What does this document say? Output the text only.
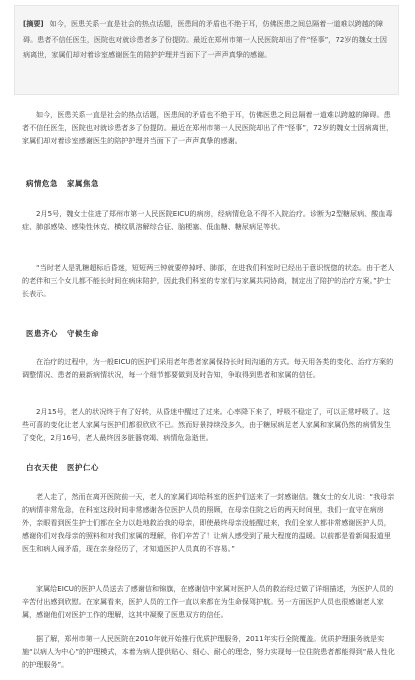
[摘要] 如今，医患关系一直是社会的热点话题，医患间的矛盾也不绝于耳，仿佛医患之间总隔着一道难以跨越的障碍。患者不信任医生，医院也对就诊患者多了份提防。最近在郑州市第一人民医院却出了件“怪事”，72岁的魏女士因病离世，家属们却对着诊室感谢医生的陪护护理并当面下了一声声真挚的感谢。

如今，医患关系一直是社会的热点话题，医患间的矛盾也不绝于耳，仿佛医患之间总隔着一道难以跨越的障碍。患者不信任医生，医院也对就诊患者多了份提防。最近在郑州市第一人民医院却出了件“怪事”，72岁的魏女士因病离世，家属们却对着诊室感谢医生的陪护护理并当面下了一声声真挚的感谢。

病情危急 家属焦急

2月5号，魏女士住进了郑州市第一人民医院EICU的病房，经病情危急不得不入院治疗。诊断为2型糖尿病、酸血毒症、肺部感染、感染性休克、横纹肌溶解综合征、脑梗塞、低血糖、糖尿病足等状。

“当时老人是乳糖超标后昏迷，短短两三钟就要停掉呼、肺部，在进我们科室时已经出于意识恍惚的状态。由于老人的老伴和三个女儿都不能长时间在病床陪护，因此我们科室的专家们与家属共同协商，制定出了陪护的治疗方案。”护士长表示。

医患齐心 守候生命

在治疗的过程中，为一般EICU的医护们采用老年患者家属保持长时间沟通的方式。每天用各类的变化、治疗方案的调整情况、患者的最新病情状况，每一个细节都要做到及时告知，争取得到患者和家属的信任。

2月15号，老人的状况终于有了好转，从昏迷中醒过了过来。心率降下来了，呼吸不稳定了，可以正常呼吸了。这些可喜的变化让老人家属与医护们都很欣欣不已。然而好景持续没多久，由于糖尿病足老人家属和家属仍然的病情发生了变化，2月16号，老人最终因多脏器衰竭、病情危急逝世。

白衣天使 医护仁心

老人走了，然而在离开医院前一天，老人的家属们却给科室的医护们送来了一封感谢信。魏女士的女儿说：“我母亲的病情非常危急，在科室这段时间非常感谢各位医护人员的照顾，在母亲住院之后的两天时间里，我们一直守在病房外，亲眼看到医生护士们都在全力以赴地救治我的母亲，即使最终母亲没能醒过来，我们全家人都非常感谢医护人员，感谢你们对我母亲的照料和对我们家属的理解，你们辛苦了！让病人感受到了最大程度的温暖。以前都是看新闻报道里医生和病人闹矛盾，现在亲身经历了，才知道医护人员真的不容易。”

家属给EICU的医护人员送去了感谢信和锦旗，在感谢信中家属对医护人员的救治经过做了详细描述，为医护人员的辛苦付出感到欣慰。在家属看来，医护人员的工作一直以来都在为生命保驾护航。另一方面医护人员也很感谢老人家属，感谢他们对医护工作的理解，这其中凝聚了医患双方的信任。

据了解，郑州市第一人民医院在2010年就开始推行优质护理服务，2011年实行全院覆盖。优质护理服务就是实施“以病人为中心”的护理模式，本着为病人提供贴心、细心、耐心的理念，努力实现每一位住院患者都能得到“最人性化的护理服务”。
